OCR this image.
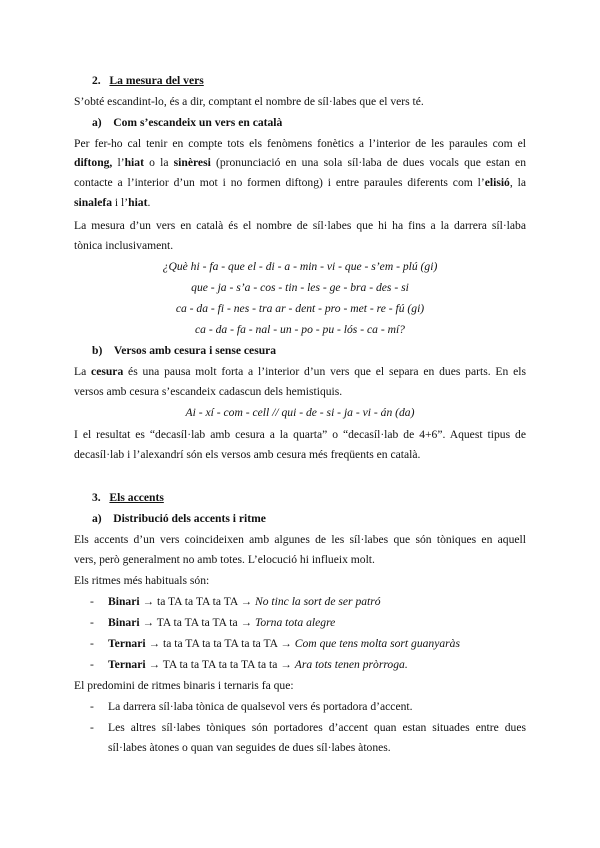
2. La mesura del vers
S’obté escandint-lo, és a dir, comptant el nombre de síl·labes que el vers té.
a) Com s’escandeix un vers en català
Per fer-ho cal tenir en compte tots els fenòmens fonètics a l’interior de les paraules com el
diftong, l’hiat o la sinèresi (pronunciació en una sola síl·laba de dues vocals que estan en
contacte a l’interior d’un mot i no formen diftong) i entre paraules diferents com l’elisió, la
sinalefa i l’hiat.
La mesura d’un vers en català és el nombre de síl·labes que hi ha fins a la darrera síl·laba
tònica inclusivament.
¿Què hi - fa - que el - di - a - min - vi - que - s’em - plú (gi)
que - ja - s’a - cos - tin - les - ge - bra - des - si
ca - da - fi - nes - tra ar - dent - pro - met - re - fú (gi)
ca - da - fa - nal - un - po - pu - lós - ca - mí?
b) Versos amb cesura i sense cesura
La cesura és una pausa molt forta a l’interior d’un vers que el separa en dues parts. En els
versos amb cesura s’escandeix cadascun dels hemistiquis.
Ai - xí - com - cell // qui - de - si - ja - vi - án (da)
I el resultat es “decasíl·lab amb cesura a la quarta” o “decasíl·lab de 4+6”. Aquest tipus de
decasíl·lab i l’alexandrí són els versos amb cesura més freqüents en català.
3. Els accents
a) Distribució dels accents i ritme
Els accents d’un vers coincideixen amb algunes de les síl·labes que són tòniques en aquell
vers, però generalment no amb totes. L’elocució hi influeix molt.
Els ritmes més habituals són:
- Binari → ta TA ta TA ta TA → No tinc la sort de ser patró
- Binari → TA ta TA ta TA ta → Torna tota alegre
- Ternari → ta ta TA ta ta TA ta ta TA → Com que tens molta sort guanyaràs
- Ternari → TA ta ta TA ta ta TA ta ta → Ara tots tenen pròrroga.
El predomini de ritmes binaris i ternaris fa que:
- La darrera síl·laba tònica de qualsevol vers és portadora d’accent.
- Les altres síl·labes tòniques són portadores d’accent quan estan situades entre dues
síl·labes àtones o quan van seguides de dues síl·labes àtones.
